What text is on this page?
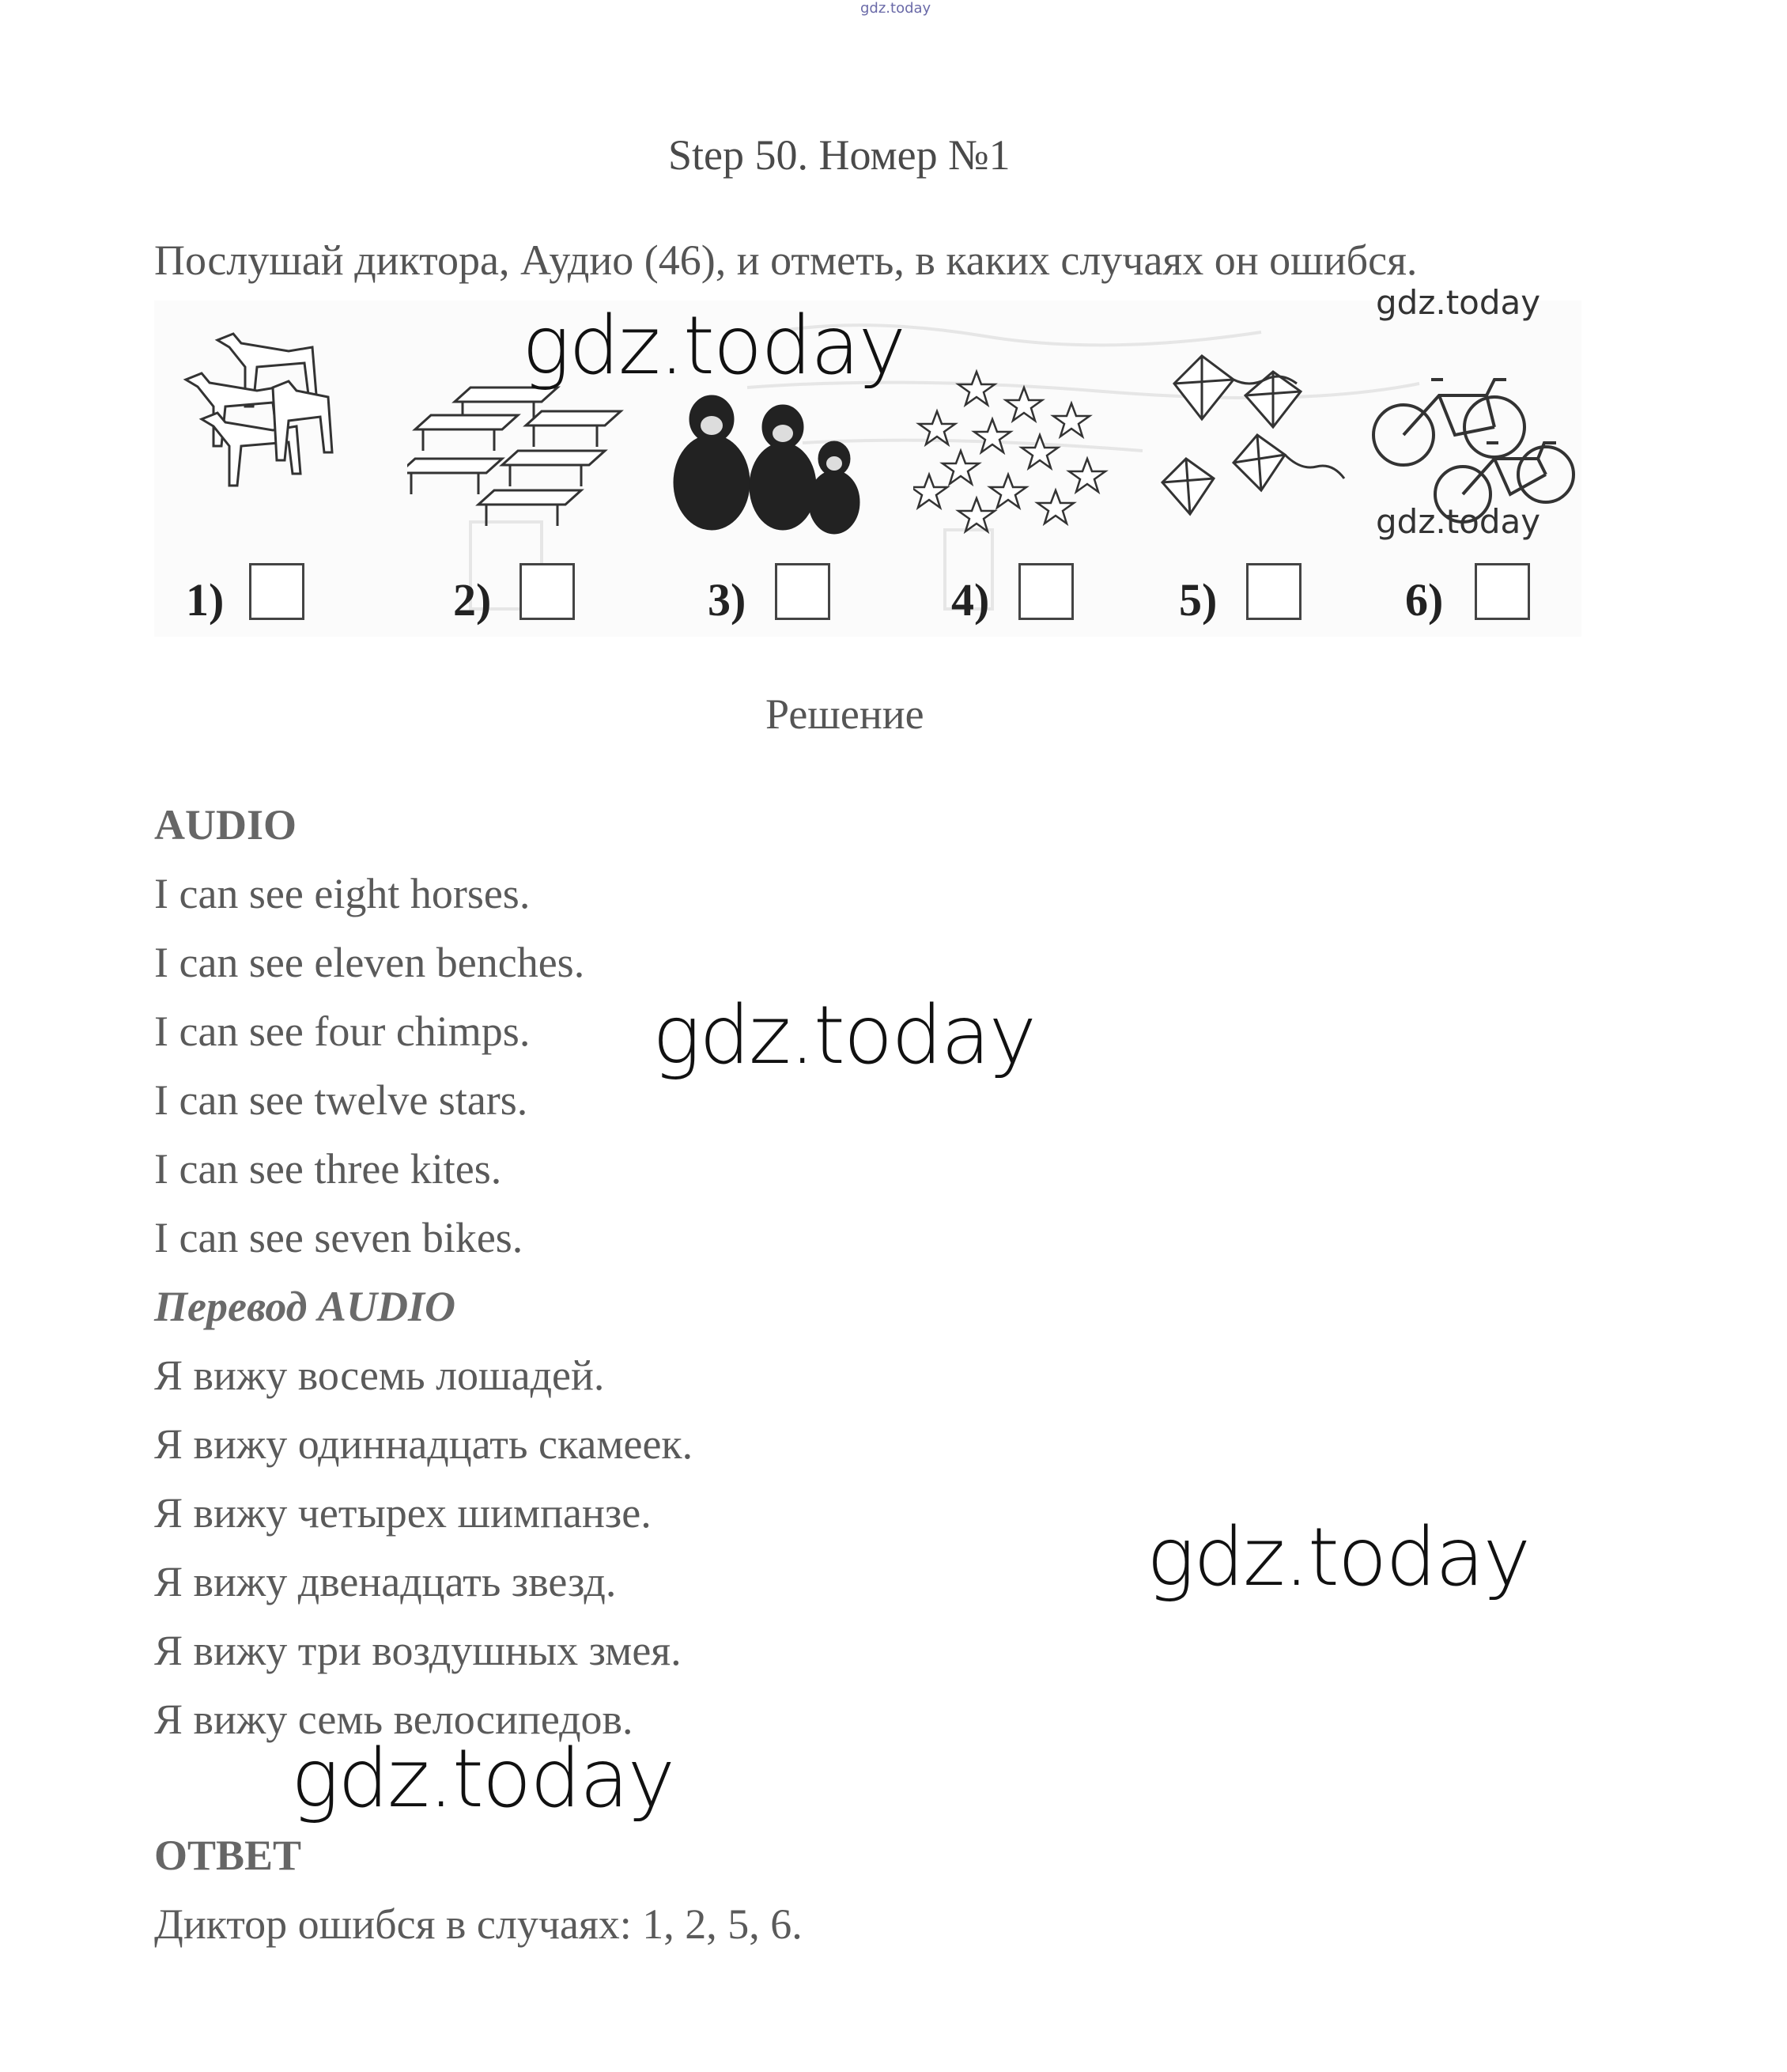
gdz.today
Step 50. Номер №1
Послушай диктора, Аудио (46), и отметь, в каких случаях он ошибся.
1)	2)	3)	4)	5)	6)
gdz.today	gdz.today
gdz.today
Решение
AUDIO
I can see eight horses.
I can see eleven benches.
I can see four chimps.
I can see twelve stars.
I can see three kites.
I can see seven bikes.
Перевод AUDIO
Я вижу восемь лошадей.
Я вижу одиннадцать скамеек.
Я вижу четырех шимпанзе.
Я вижу двенадцать звезд.
Я вижу три воздушных змея.
Я вижу семь велосипедов.
ОТВЕТ
Диктор ошибся в случаях: 1, 2, 5, 6.
gdz.today
gdz.today
gdz.today
